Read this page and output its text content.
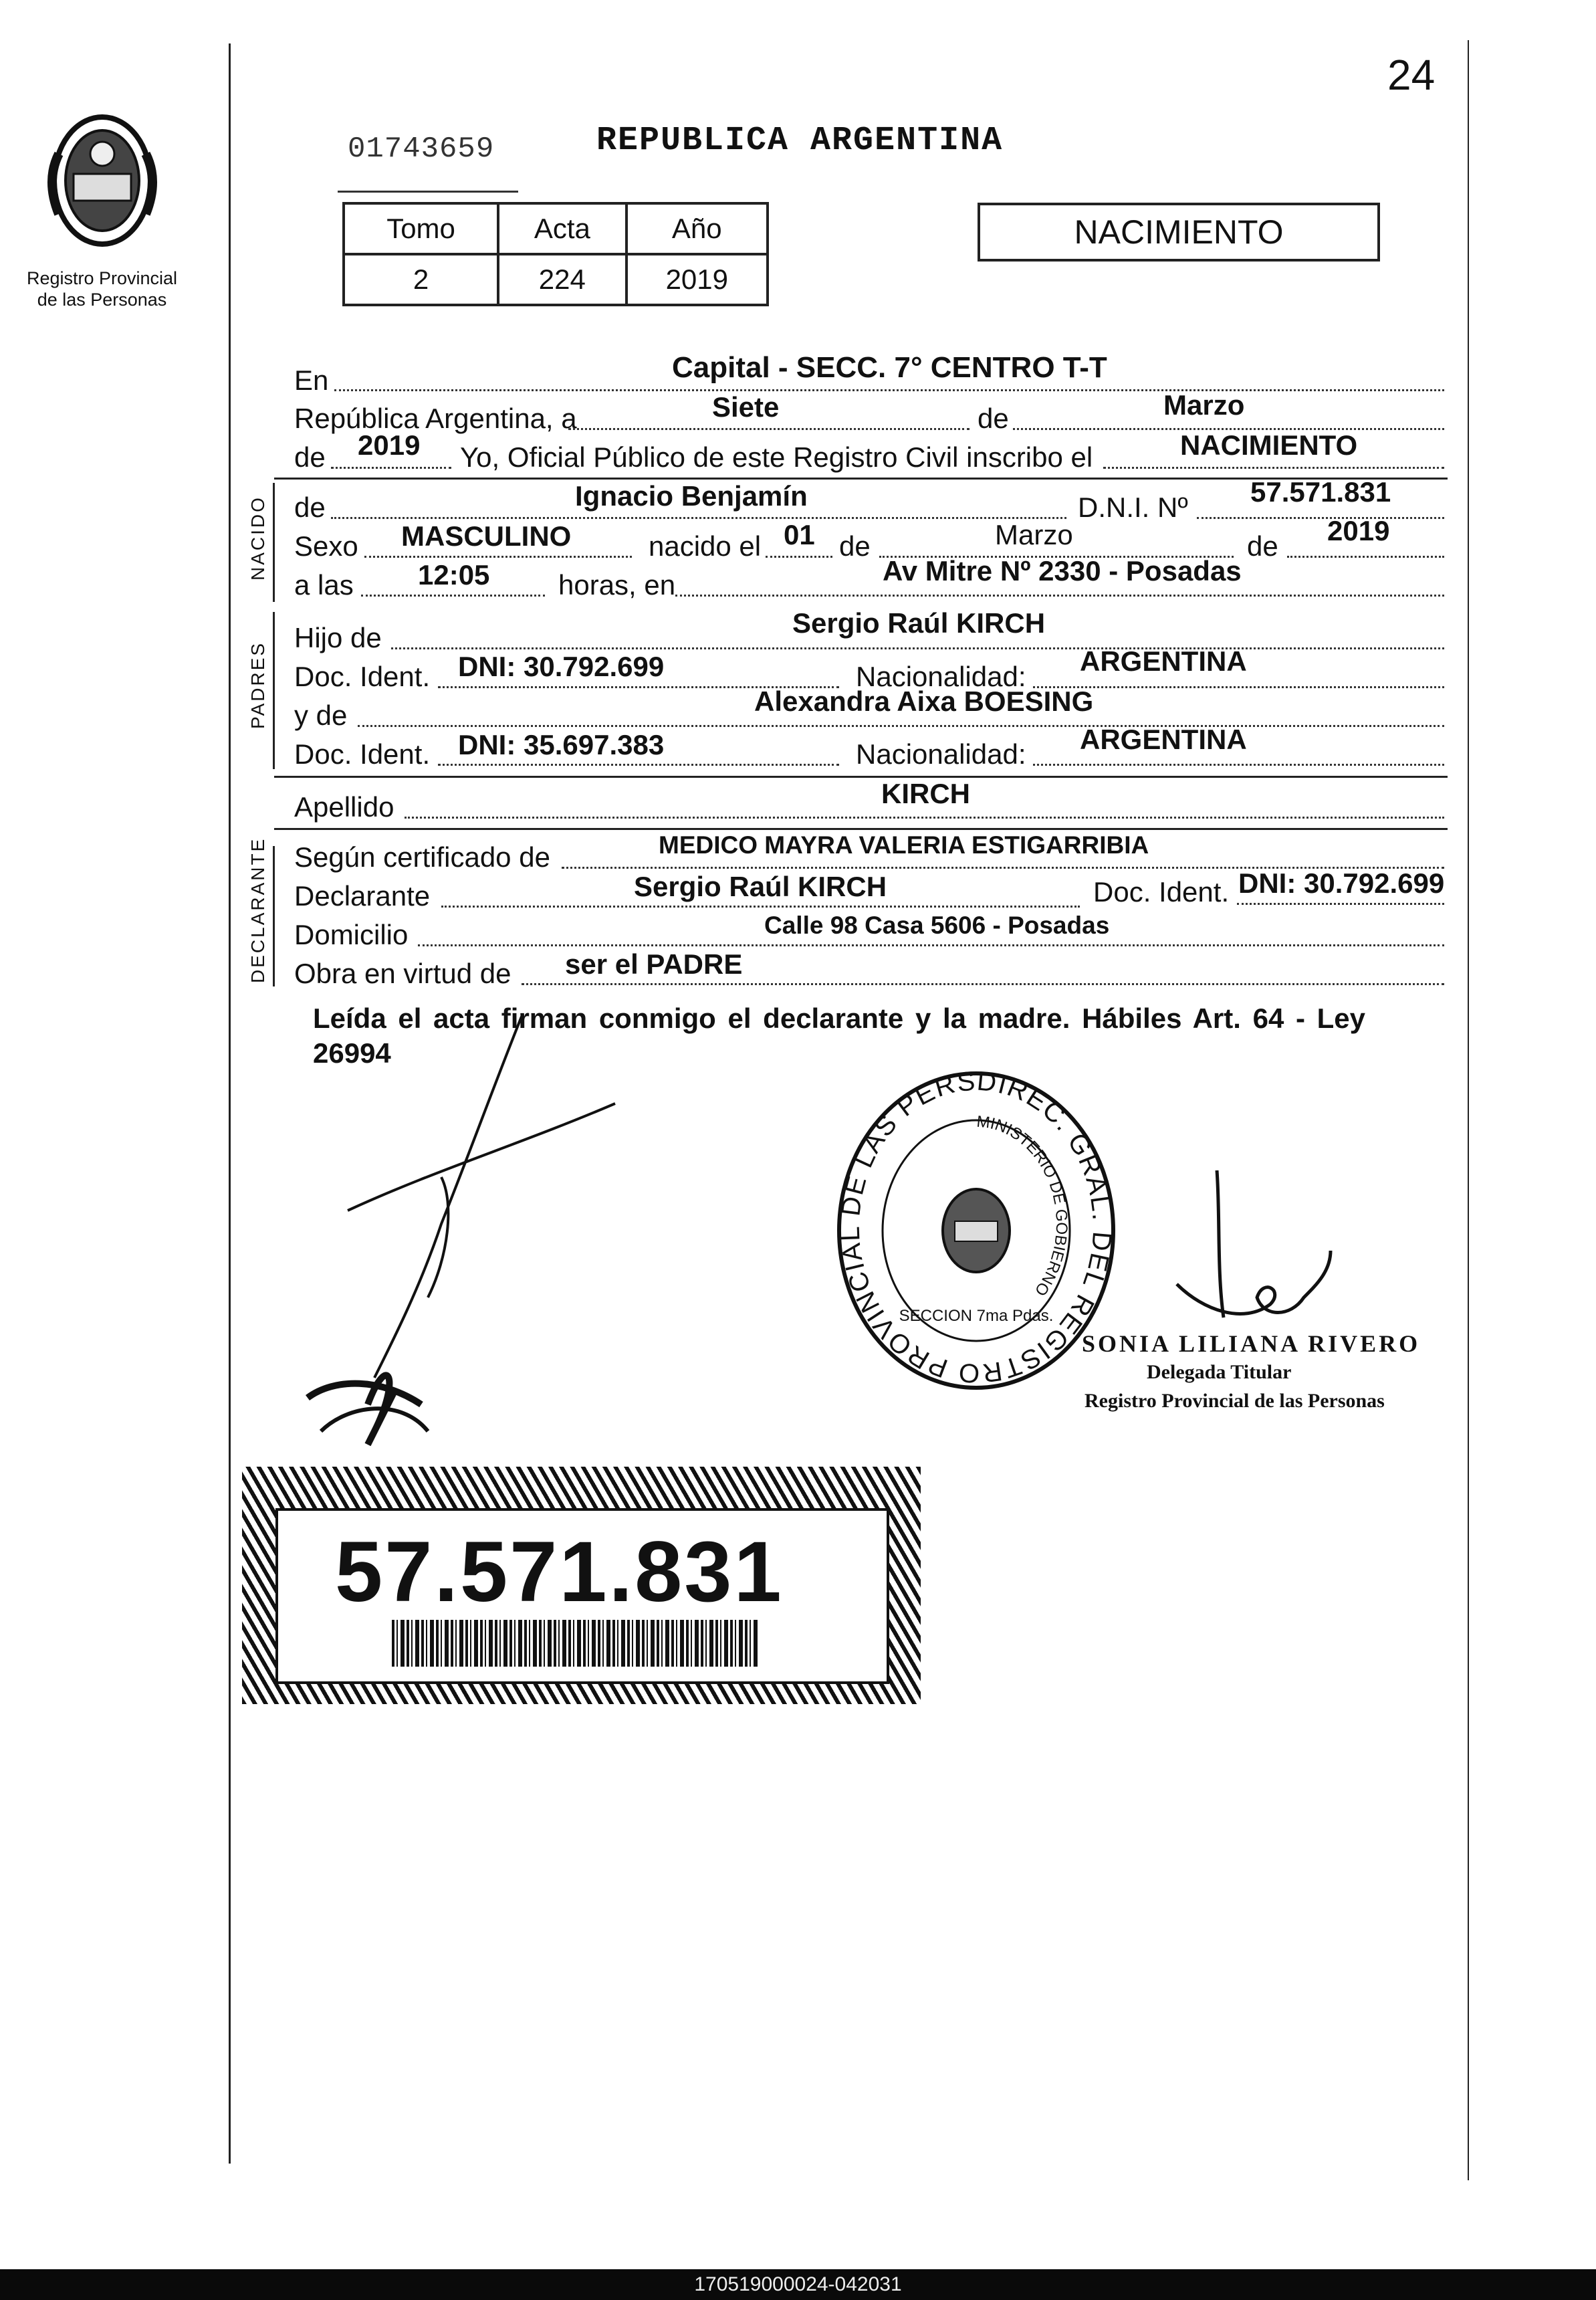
24
Registro Provincial
de las Personas
01743659	REPUBLICA ARGENTINA
Tomo	Acta	Año
2	224	2019
NACIMIENTO
En	Capital - SECC. 7° CENTRO T-T
República Argentina, a	Siete	de	Marzo
de 2019 Yo, Oficial Público de este Registro Civil inscribo el	NACIMIENTO
NACIDO de	Ignacio Benjamín	D.N.I. Nº 57.571.831
Sexo MASCULINO	nacido el 01 de	Marzo	de 2019
a las 12:05 horas, en	Av Mitre Nº 2330 - Posadas
PADRES
Hijo de	Sergio Raúl KIRCH
Doc. Ident. DNI: 30.792.699	Nacionalidad: ARGENTINA
y de	Alexandra Aixa BOESING
Doc. Ident. DNI: 35.697.383	Nacionalidad: ARGENTINA
Apellido	KIRCH
DECLARANTE Según certificado de	MEDICO MAYRA VALERIA ESTIGARRIBIA
Declarante	Sergio Raúl KIRCH	Doc. Ident. DNI: 30.792.699
Domicilio	Calle 98 Casa 5606 - Posadas
Obra en virtud de ser el PADRE
Leída el acta firman conmigo el declarante y la madre. Hábiles Art. 64 - Ley
26994
DIREC. GRAL. DEL REGISTRO PROVINCIAL DE LAS PERS
MINISTERIO DE GOBIERNO
SECCION 7ma Pdas.
SONIA LILIANA RIVERO
Delegada Titular
Registro Provincial de las Personas
57.571.831
170519000024-042031
